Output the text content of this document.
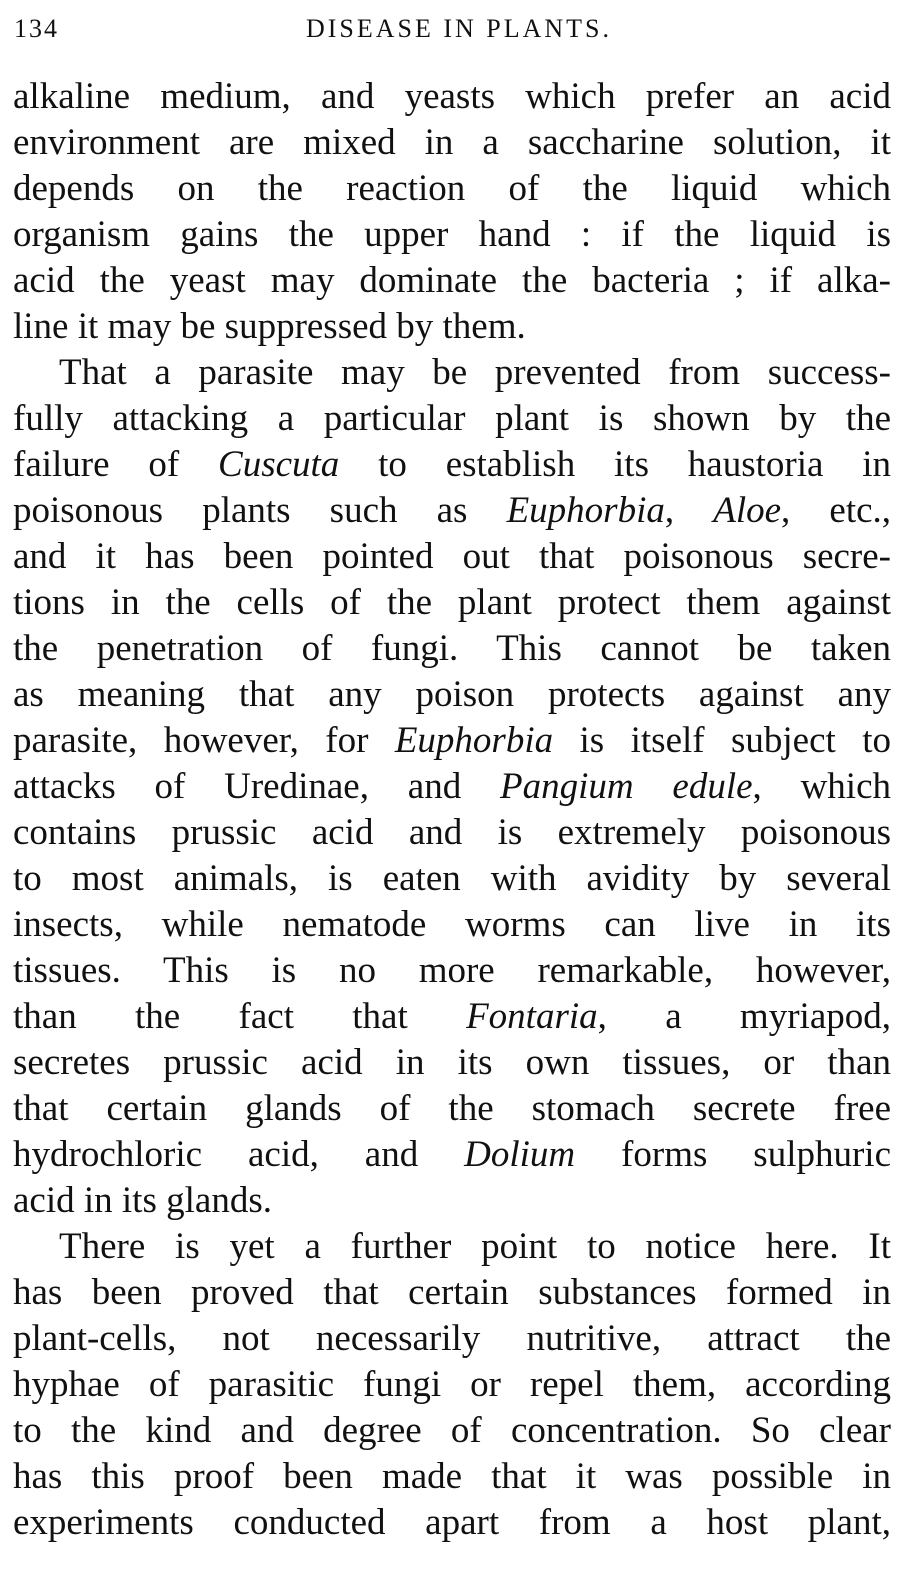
134	DISEASE IN PLANTS.
alkaline medium, and yeasts which prefer an acid
environment are mixed in a saccharine solution, it
depends on the reaction of the liquid which
organism gains the upper hand : if the liquid is
acid the yeast may dominate the bacteria ; if alka-
line it may be suppressed by them.
That a parasite may be prevented from success-
fully attacking a particular plant is shown by the
failure of Cuscuta to establish its haustoria in
poisonous plants such as Euphorbia, Aloe, etc.,
and it has been pointed out that poisonous secre-
tions in the cells of the plant protect them against
the penetration of fungi. This cannot be taken
as meaning that any poison protects against any
parasite, however, for Euphorbia is itself subject to
attacks of Uredinae, and Pangium edule, which
contains prussic acid and is extremely poisonous
to most animals, is eaten with avidity by several
insects, while nematode worms can live in its
tissues. This is no more remarkable, however,
than the fact that Fontaria, a myriapod,
secretes prussic acid in its own tissues, or than
that certain glands of the stomach secrete free
hydrochloric acid, and Dolium forms sulphuric
acid in its glands.
There is yet a further point to notice here. It
has been proved that certain substances formed in
plant-cells, not necessarily nutritive, attract the
hyphae of parasitic fungi or repel them, according
to the kind and degree of concentration. So clear
has this proof been made that it was possible in
experiments conducted apart from a host plant,
